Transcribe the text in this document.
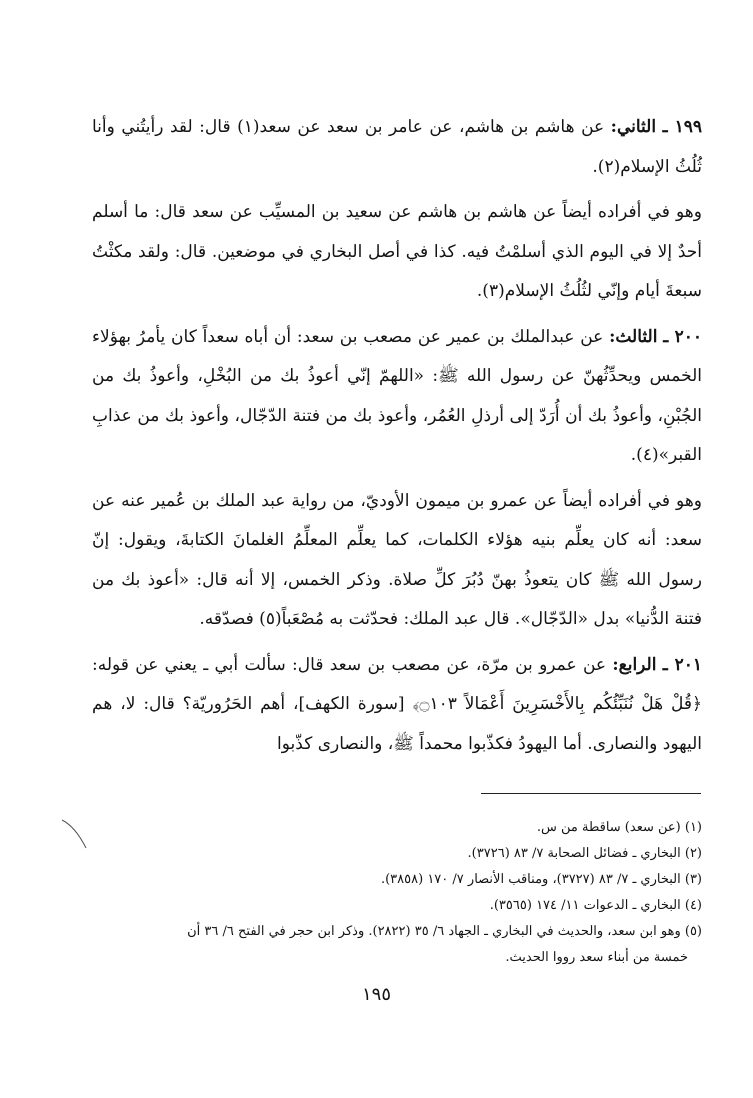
١٩٩ ـ الثاني: عن هاشم بن هاشم، عن عامر بن سعد عن سعد(١) قال: لقد رأيتُني وأنا ثُلُثُ الإسلام(٢).

وهو في أفراده أيضاً عن هاشم بن هاشم عن سعيد بن المسيِّب عن سعد قال: ما أسلم أحدٌ إلا في اليوم الذي أسلمْتُ فيه. كذا في أصل البخاري في موضعين. قال: ولقد مكثْتُ سبعةَ أيام وإنّي لثُلُثُ الإسلام(٣).

٢٠٠ ـ الثالث: عن عبدالملك بن عمير عن مصعب بن سعد: أن أباه سعداً كان يأمرُ بهؤلاء الخمس ويحدِّثُهنّ عن رسول الله ﷺ: «اللهمّ إنّي أعوذُ بك من البُخْلِ، وأعوذُ بك من الجُبْنِ، وأعوذُ بك أن أُرَدّ إلى أرذلِ العُمُر، وأعوذ بك من فتنة الدّجّال، وأعوذ بك من عذابِ القبر»(٤).

وهو في أفراده أيضاً عن عمرو بن ميمون الأوديّ، من رواية عبد الملك بن عُمير عنه عن سعد: أنه كان يعلِّم بنيه هؤلاء الكلمات، كما يعلِّم المعلِّمُ الغلمانَ الكتابةَ، ويقول: إنّ رسول الله ﷺ كان يتعوذُ بهنّ دُبُرَ كلِّ صلاة. وذكر الخمس، إلا أنه قال: «أعوذ بك من فتنة الدُّنيا» بدل «الدّجّال». قال عبد الملك: فحدّثت به مُصْعَباً(٥) فصدّقه.

٢٠١ ـ الرابع: عن عمرو بن مرّة، عن مصعب بن سعد قال: سألت أبي ـ يعني عن قوله: ﴿قُلْ هَلْ نُنَبِّئُكُم بِالأَخْسَرِينَ أَعْمَالاً ۝١٠٣﴾ [سورة الكهف]، أهم الحَرُوريّة؟ قال: لا، هم اليهود والنصارى. أما اليهودُ فكذّبوا محمداً ﷺ، والنصارى كذّبوا

(١) (عن سعد) ساقطة من س.

(٢) البخاري ـ فضائل الصحابة ٧/ ٨٣ (٣٧٢٦).

(٣) البخاري ـ ٧/ ٨٣ (٣٧٢٧)، ومناقب الأنصار ٧/ ١٧٠ (٣٨٥٨).

(٤) البخاري ـ الدعوات ١١/ ١٧٤ (٣٥٦٥).

(٥) وهو ابن سعد، والحديث في البخاري ـ الجهاد ٦/ ٣٥ (٢٨٢٢). وذكر ابن حجر في الفتح ٦/ ٣٦ أن

خمسة من أبناء سعد رووا الحديث.

١٩٥
